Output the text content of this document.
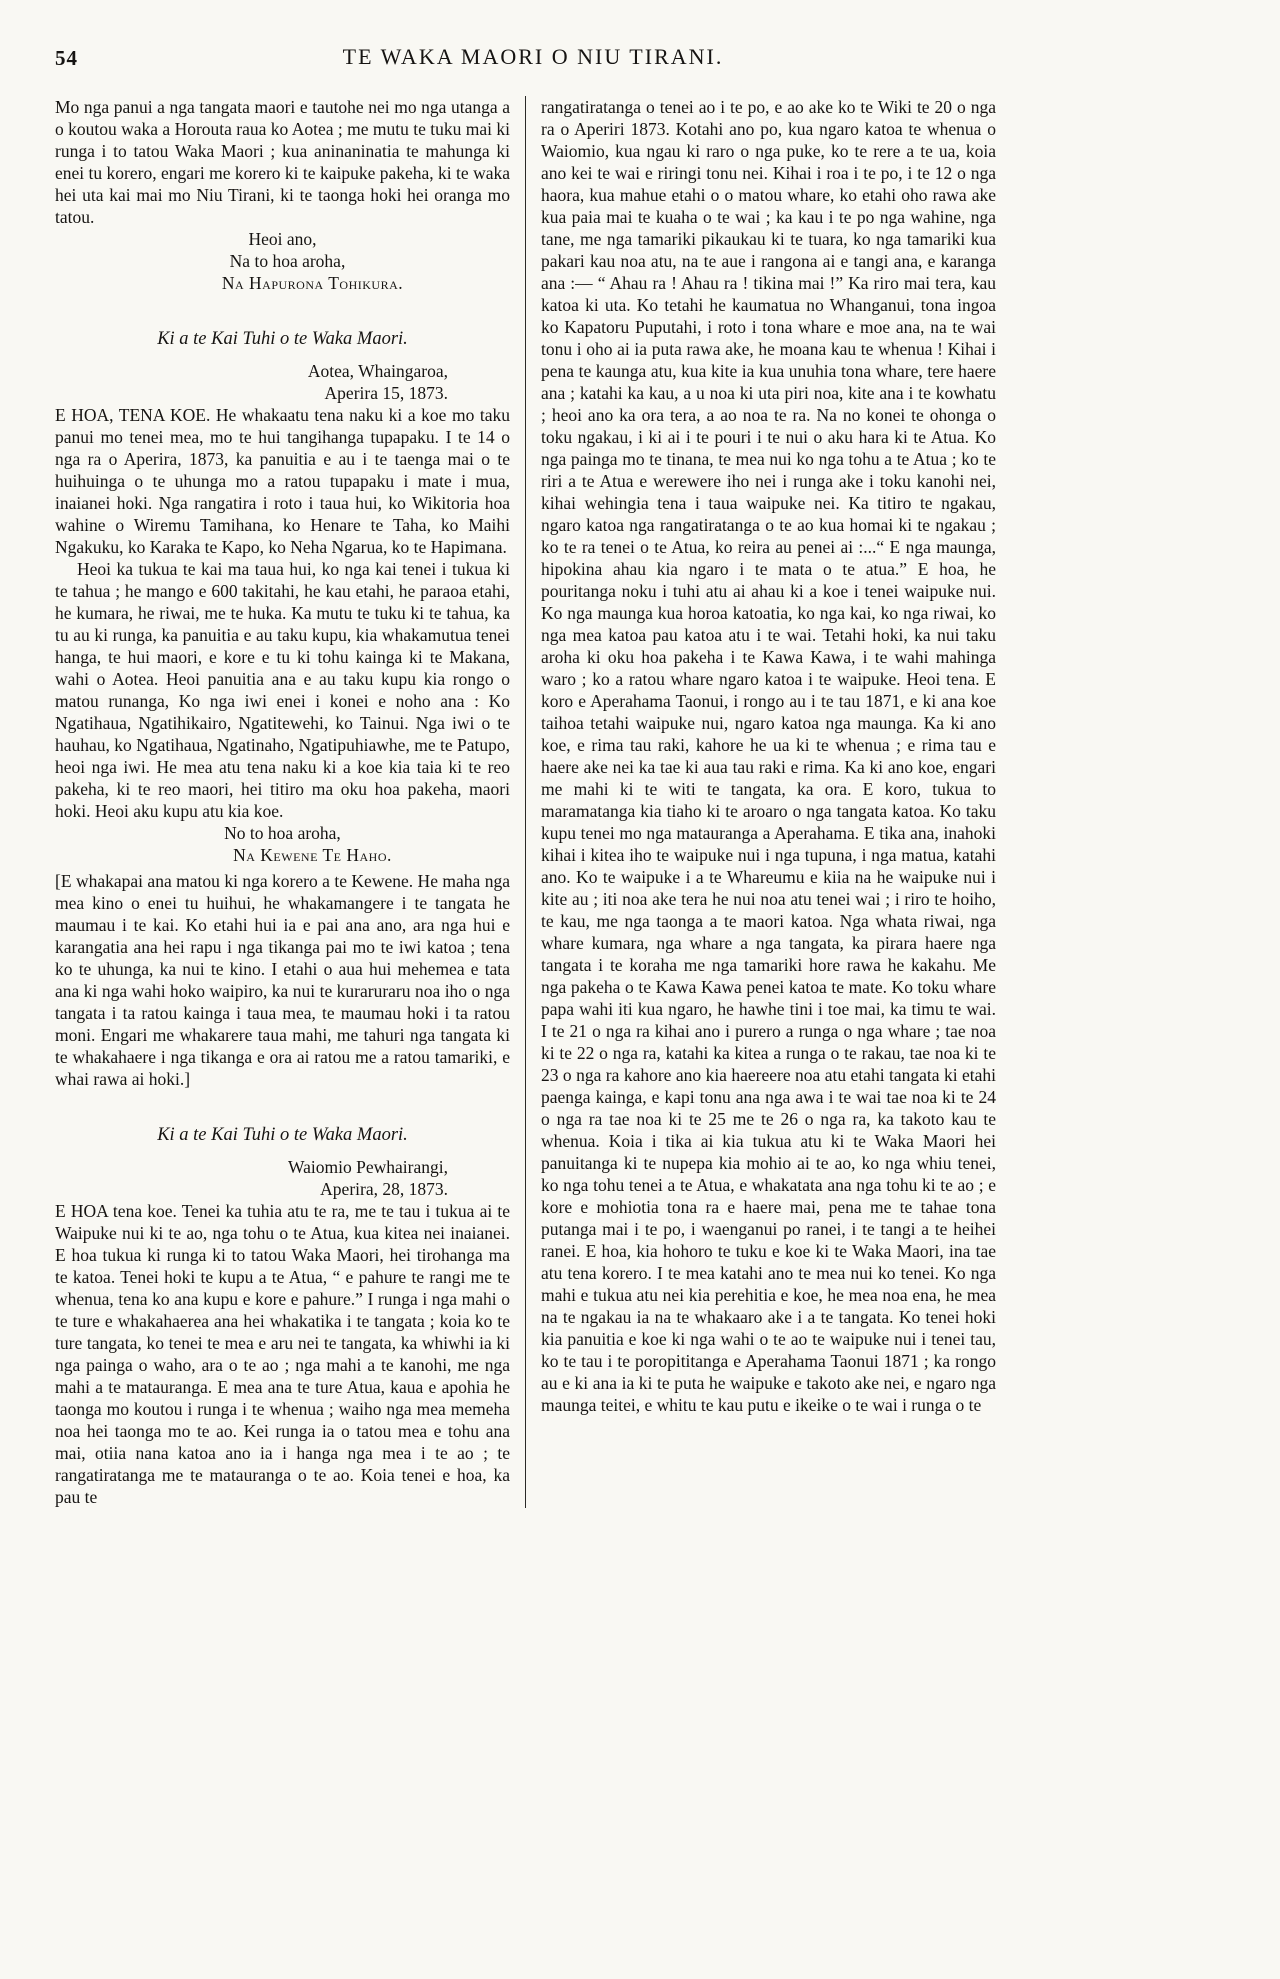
54	TE WAKA MAORI O NIU TIRANI.

Mo nga panui a nga tangata maori e tautohe nei mo nga utanga a o koutou waka a Horouta raua ko Aotea ; me mutu te tuku mai ki runga i to tatou Waka Maori ; kua aninaninatia te mahunga ki enei tu korero, engari me korero ki te kaipuke pakeha, ki te waka hei uta kai mai mo Niu Tirani, ki te taonga hoki hei oranga mo tatou.

Heoi ano,

Na to hoa aroha,

Na Hapurona Tohikura.

Ki a te Kai Tuhi o te Waka Maori.

Aotea, Whaingaroa,

Aperira 15, 1873.

E HOA, TENA KOE. He whakaatu tena naku ki a koe mo taku panui mo tenei mea, mo te hui tangihanga tupapaku. I te 14 o nga ra o Aperira, 1873, ka panuitia e au i te taenga mai o te huihuinga o te uhunga mo a ratou tupapaku i mate i mua, inaianei hoki. Nga rangatira i roto i taua hui, ko Wikitoria hoa wahine o Wiremu Tamihana, ko Henare te Taha, ko Maihi Ngakuku, ko Karaka te Kapo, ko Neha Ngarua, ko te Hapimana.

Heoi ka tukua te kai ma taua hui, ko nga kai tenei i tukua ki te tahua ; he mango e 600 takitahi, he kau etahi, he paraoa etahi, he kumara, he riwai, me te huka. Ka mutu te tuku ki te tahua, ka tu au ki runga, ka panuitia e au taku kupu, kia whakamutua tenei hanga, te hui maori, e kore e tu ki tohu kainga ki te Makana, wahi o Aotea. Heoi panuitia ana e au taku kupu kia rongo o matou runanga, Ko nga iwi enei i konei e noho ana : Ko Ngatihaua, Ngatihikairo, Ngatitewehi, ko Tainui. Nga iwi o te hauhau, ko Ngatihaua, Ngatinaho, Ngatipuhiawhe, me te Patupo, heoi nga iwi. He mea atu tena naku ki a koe kia taia ki te reo pakeha, ki te reo maori, hei titiro ma oku hoa pakeha, maori hoki. Heoi aku kupu atu kia koe.

No to hoa aroha,

Na Kewene Te Haho.

[E whakapai ana matou ki nga korero a te Kewene. He maha nga mea kino o enei tu huihui, he whakamangere i te tangata he maumau i te kai. Ko etahi hui ia e pai ana ano, ara nga hui e karangatia ana hei rapu i nga tikanga pai mo te iwi katoa ; tena ko te uhunga, ka nui te kino. I etahi o aua hui mehemea e tata ana ki nga wahi hoko waipiro, ka nui te kuraruraru noa iho o nga tangata i ta ratou kainga i taua mea, te maumau hoki i ta ratou moni. Engari me whakarere taua mahi, me tahuri nga tangata ki te whakahaere i nga tikanga e ora ai ratou me a ratou tamariki, e whai rawa ai hoki.]

Ki a te Kai Tuhi o te Waka Maori.

Waiomio Pewhairangi,

Aperira, 28, 1873.

E HOA tena koe. Tenei ka tuhia atu te ra, me te tau i tukua ai te Waipuke nui ki te ao, nga tohu o te Atua, kua kitea nei inaianei. E hoa tukua ki runga ki to tatou Waka Maori, hei tirohanga ma te katoa. Tenei hoki te kupu a te Atua, “ e pahure te rangi me te whenua, tena ko ana kupu e kore e pahure.” I runga i nga mahi o te ture e whakahaerea ana hei whakatika i te tangata ; koia ko te ture tangata, ko tenei te mea e aru nei te tangata, ka whiwhi ia ki nga painga o waho, ara o te ao ; nga mahi a te kanohi, me nga mahi a te matauranga. E mea ana te ture Atua, kaua e apohia he taonga mo koutou i runga i te whenua ; waiho nga mea memeha noa hei taonga mo te ao. Kei runga ia o tatou mea e tohu ana mai, otiia nana katoa ano ia i hanga nga mea i te ao ; te rangatiratanga me te matauranga o te ao. Koia tenei e hoa, ka pau te

rangatiratanga o tenei ao i te po, e ao ake ko te Wiki te 20 o nga ra o Aperiri 1873. Kotahi ano po, kua ngaro katoa te whenua o Waiomio, kua ngau ki raro o nga puke, ko te rere a te ua, koia ano kei te wai e riringi tonu nei. Kihai i roa i te po, i te 12 o nga haora, kua mahue etahi o o matou whare, ko etahi oho rawa ake kua paia mai te kuaha o te wai ; ka kau i te po nga wahine, nga tane, me nga tamariki pikaukau ki te tuara, ko nga tamariki kua pakari kau noa atu, na te aue i rangona ai e tangi ana, e karanga ana :— “ Ahau ra ! Ahau ra ! tikina mai !” Ka riro mai tera, kau katoa ki uta. Ko tetahi he kaumatua no Whanganui, tona ingoa ko Kapatoru Puputahi, i roto i tona whare e moe ana, na te wai tonu i oho ai ia puta rawa ake, he moana kau te whenua ! Kihai i pena te kaunga atu, kua kite ia kua unuhia tona whare, tere haere ana ; katahi ka kau, a u noa ki uta piri noa, kite ana i te kowhatu ; heoi ano ka ora tera, a ao noa te ra. Na no konei te ohonga o toku ngakau, i ki ai i te pouri i te nui o aku hara ki te Atua. Ko nga painga mo te tinana, te mea nui ko nga tohu a te Atua ; ko te riri a te Atua e werewere iho nei i runga ake i toku kanohi nei, kihai wehingia tena i taua waipuke nei. Ka titiro te ngakau, ngaro katoa nga rangatiratanga o te ao kua homai ki te ngakau ; ko te ra tenei o te Atua, ko reira au penei ai :...“ E nga maunga, hipokina ahau kia ngaro i te mata o te atua.” E hoa, he pouritanga noku i tuhi atu ai ahau ki a koe i tenei waipuke nui. Ko nga maunga kua horoa katoatia, ko nga kai, ko nga riwai, ko nga mea katoa pau katoa atu i te wai. Tetahi hoki, ka nui taku aroha ki oku hoa pakeha i te Kawa Kawa, i te wahi mahinga waro ; ko a ratou whare ngaro katoa i te waipuke. Heoi tena. E koro e Aperahama Taonui, i rongo au i te tau 1871, e ki ana koe taihoa tetahi waipuke nui, ngaro katoa nga maunga. Ka ki ano koe, e rima tau raki, kahore he ua ki te whenua ; e rima tau e haere ake nei ka tae ki aua tau raki e rima. Ka ki ano koe, engari me mahi ki te witi te tangata, ka ora. E koro, tukua to maramatanga kia tiaho ki te aroaro o nga tangata katoa. Ko taku kupu tenei mo nga matauranga a Aperahama. E tika ana, inahoki kihai i kitea iho te waipuke nui i nga tupuna, i nga matua, katahi ano. Ko te waipuke i a te Whareumu e kiia na he waipuke nui i kite au ; iti noa ake tera he nui noa atu tenei wai ; i riro te hoiho, te kau, me nga taonga a te maori katoa. Nga whata riwai, nga whare kumara, nga whare a nga tangata, ka pirara haere nga tangata i te koraha me nga tamariki hore rawa he kakahu. Me nga pakeha o te Kawa Kawa penei katoa te mate. Ko toku whare papa wahi iti kua ngaro, he hawhe tini i toe mai, ka timu te wai. I te 21 o nga ra kihai ano i purero a runga o nga whare ; tae noa ki te 22 o nga ra, katahi ka kitea a runga o te rakau, tae noa ki te 23 o nga ra kahore ano kia haereere noa atu etahi tangata ki etahi paenga kainga, e kapi tonu ana nga awa i te wai tae noa ki te 24 o nga ra tae noa ki te 25 me te 26 o nga ra, ka takoto kau te whenua. Koia i tika ai kia tukua atu ki te Waka Maori hei panuitanga ki te nupepa kia mohio ai te ao, ko nga whiu tenei, ko nga tohu tenei a te Atua, e whakatata ana nga tohu ki te ao ; e kore e mohiotia tona ra e haere mai, pena me te tahae tona putanga mai i te po, i waenganui po ranei, i te tangi a te heihei ranei. E hoa, kia hohoro te tuku e koe ki te Waka Maori, ina tae atu tena korero. I te mea katahi ano te mea nui ko tenei. Ko nga mahi e tukua atu nei kia perehitia e koe, he mea noa ena, he mea na te ngakau ia na te whakaaro ake i a te tangata. Ko tenei hoki kia panuitia e koe ki nga wahi o te ao te waipuke nui i tenei tau, ko te tau i te poropititanga e Aperahama Taonui 1871 ; ka rongo au e ki ana ia ki te puta he waipuke e takoto ake nei, e ngaro nga maunga teitei, e whitu te kau putu e ikeike o te wai i runga o te
